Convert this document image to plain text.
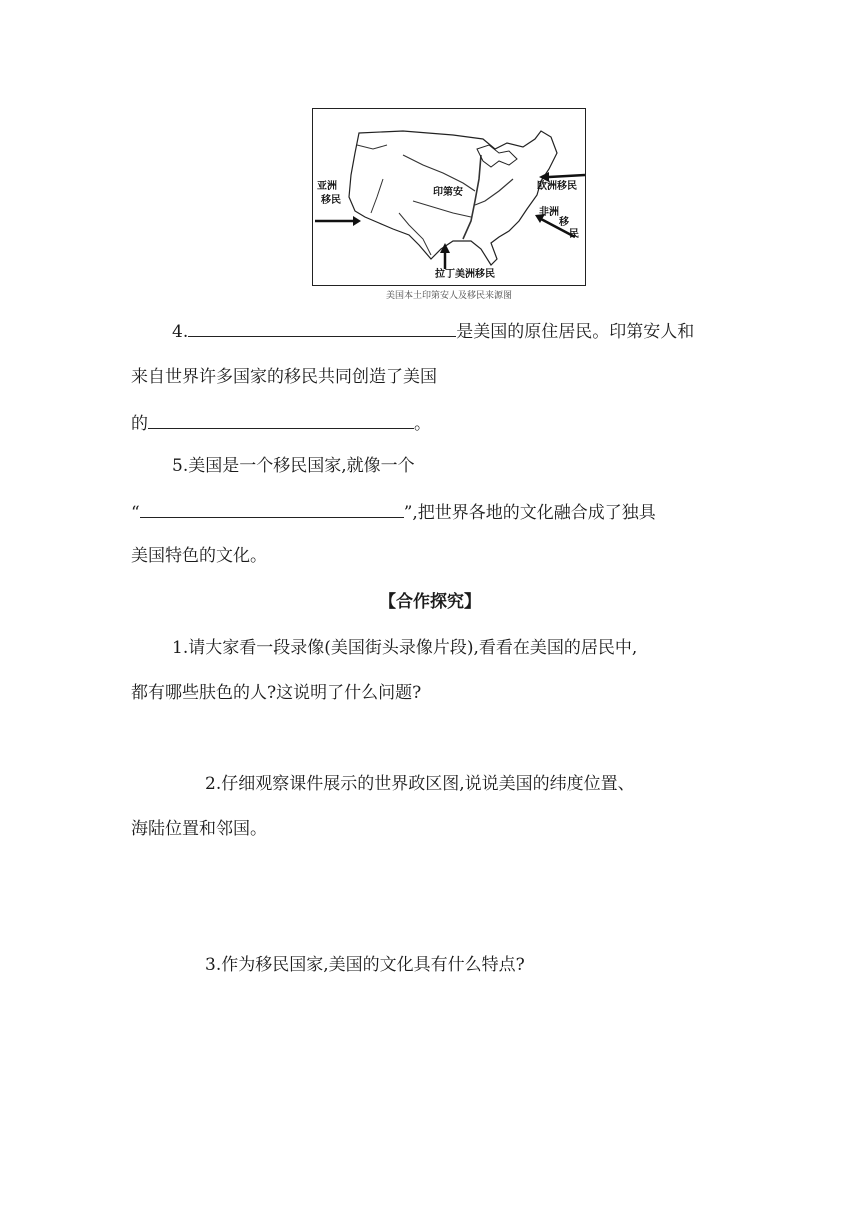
亚洲
移民
印第安
欧洲移民
非洲
移
民
拉丁美洲移民
美国本土印第安人及移民来源图
4.	是美国的原住居民。印第安人和
来自世界许多国家的移民共同创造了美国
的	。
5.美国是一个移民国家,就像一个
“	”,把世界各地的文化融合成了独具
美国特色的文化。
【合作探究】
1.请大家看一段录像(美国街头录像片段),看看在美国的居民中,
都有哪些肤色的人?这说明了什么问题?
2.仔细观察课件展示的世界政区图,说说美国的纬度位置、
海陆位置和邻国。
3.作为移民国家,美国的文化具有什么特点?
